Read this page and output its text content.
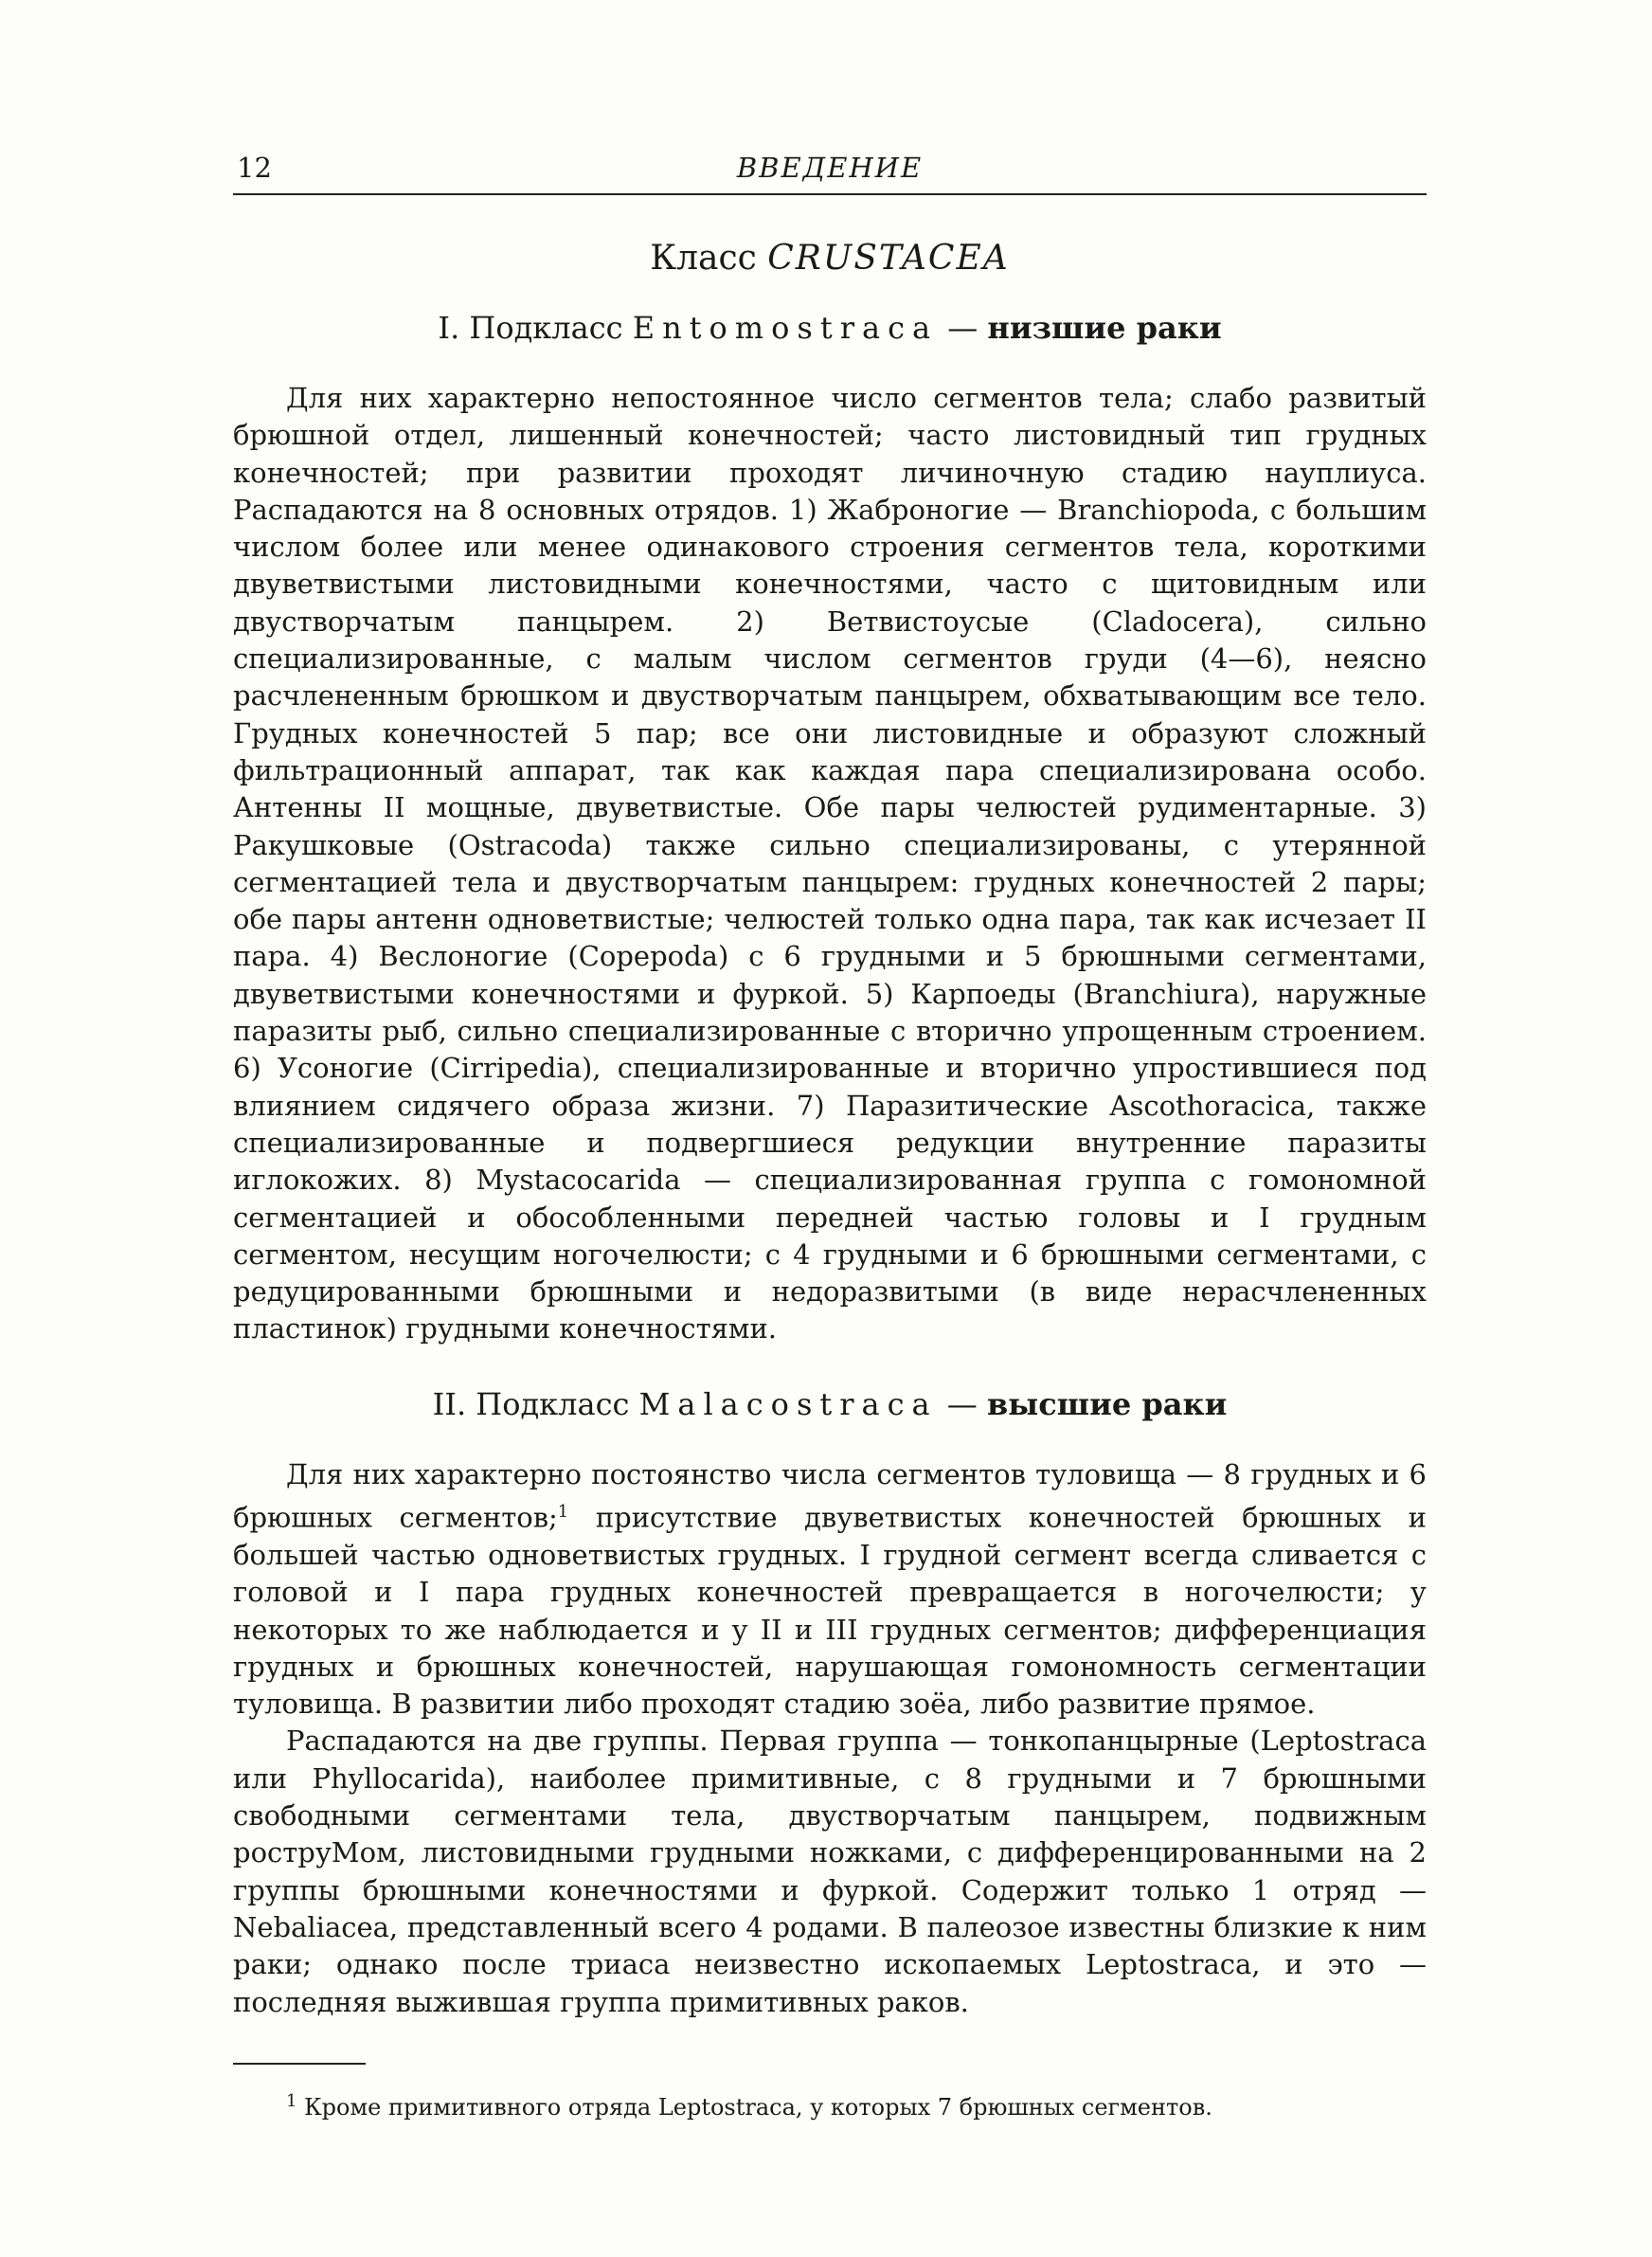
12	ВВЕДЕНИЕ
Класс CRUSTACEA
I. Подкласс Entomostraca — низшие раки

Для них характерно непостоянное число сегментов тела; слабо развитый брюшной отдел, лишенный конечностей; часто листовидный тип грудных конечностей; при развитии проходят личиночную стадию науплиуса. Распадаются на 8 основных отрядов. 1) Жаброногие — Branchiopoda, с большим числом более или менее одинакового строения сегментов тела, короткими двуветвистыми листовидными конечностями, часто с щитовидным или двустворчатым панцырем. 2) Ветвистоусые (Cladocera), сильно специализированные, с малым числом сегментов груди (4—6), неясно расчлененным брюшком и двустворчатым панцырем, обхватывающим все тело. Грудных конечностей 5 пар; все они листовидные и образуют сложный фильтрационный аппарат, так как каждая пара специализирована особо. Антенны II мощные, двуветвистые. Обе пары челюстей рудиментарные. 3) Ракушковые (Ostracoda) также сильно специализированы, с утерянной сегментацией тела и двустворчатым панцырем: грудных конечностей 2 пары; обе пары антенн одноветвистые; челюстей только одна пара, так как исчезает II пара. 4) Веслоногие (Copepoda) с 6 грудными и 5 брюшными сегментами, двуветвистыми конечностями и фуркой. 5) Карпоеды (Branchiura), наружные паразиты рыб, сильно специализированные с вторично упрощенным строением. 6) Усоногие (Cirripedia), специализированные и вторично упростившиеся под влиянием сидячего образа жизни. 7) Паразитические Ascothoracica, также специализированные и подвергшиеся редукции внутренние паразиты иглокожих. 8) Mystacocarida — специализированная группа с гомономной сегментацией и обособленными передней частью головы и I грудным сегментом, несущим ногочелюсти; с 4 грудными и 6 брюшными сегментами, с редуцированными брюшными и недоразвитыми (в виде нерасчлененных пластинок) грудными конечностями.

II. Подкласс Malacostraca — высшие раки

Для них характерно постоянство числа сегментов туловища — 8 грудных и 6 брюшных сегментов;$^1$ присутствие двуветвистых конечностей брюшных и большей частью одноветвистых грудных. I грудной сегмент всегда сливается с головой и I пара грудных конечностей превращается в ногочелюсти; у некоторых то же наблюдается и у II и III грудных сегментов; дифференциация грудных и брюшных конечностей, нарушающая гомономность сегментации туловища. В развитии либо проходят стадию зоёа, либо развитие прямое.

Распадаются на две группы. Первая группа — тонкопанцырные (Leptostraca или Phyllocarida), наиболее примитивные, с 8 грудными и 7 брюшными свободными сегментами тела, двустворчатым панцырем, подвижным роструМом, листовидными грудными ножками, с дифференцированными на 2 группы брюшными конечностями и фуркой. Содержит только 1 отряд — Nebaliacea, представленный всего 4 родами. В палеозое известны близкие к ним раки; однако после триаса неизвестно ископаемых Leptostraca, и это — последняя выжившая группа примитивных раков.

$^1$ Кроме примитивного отряда Leptostraca, у которых 7 брюшных сегментов.
